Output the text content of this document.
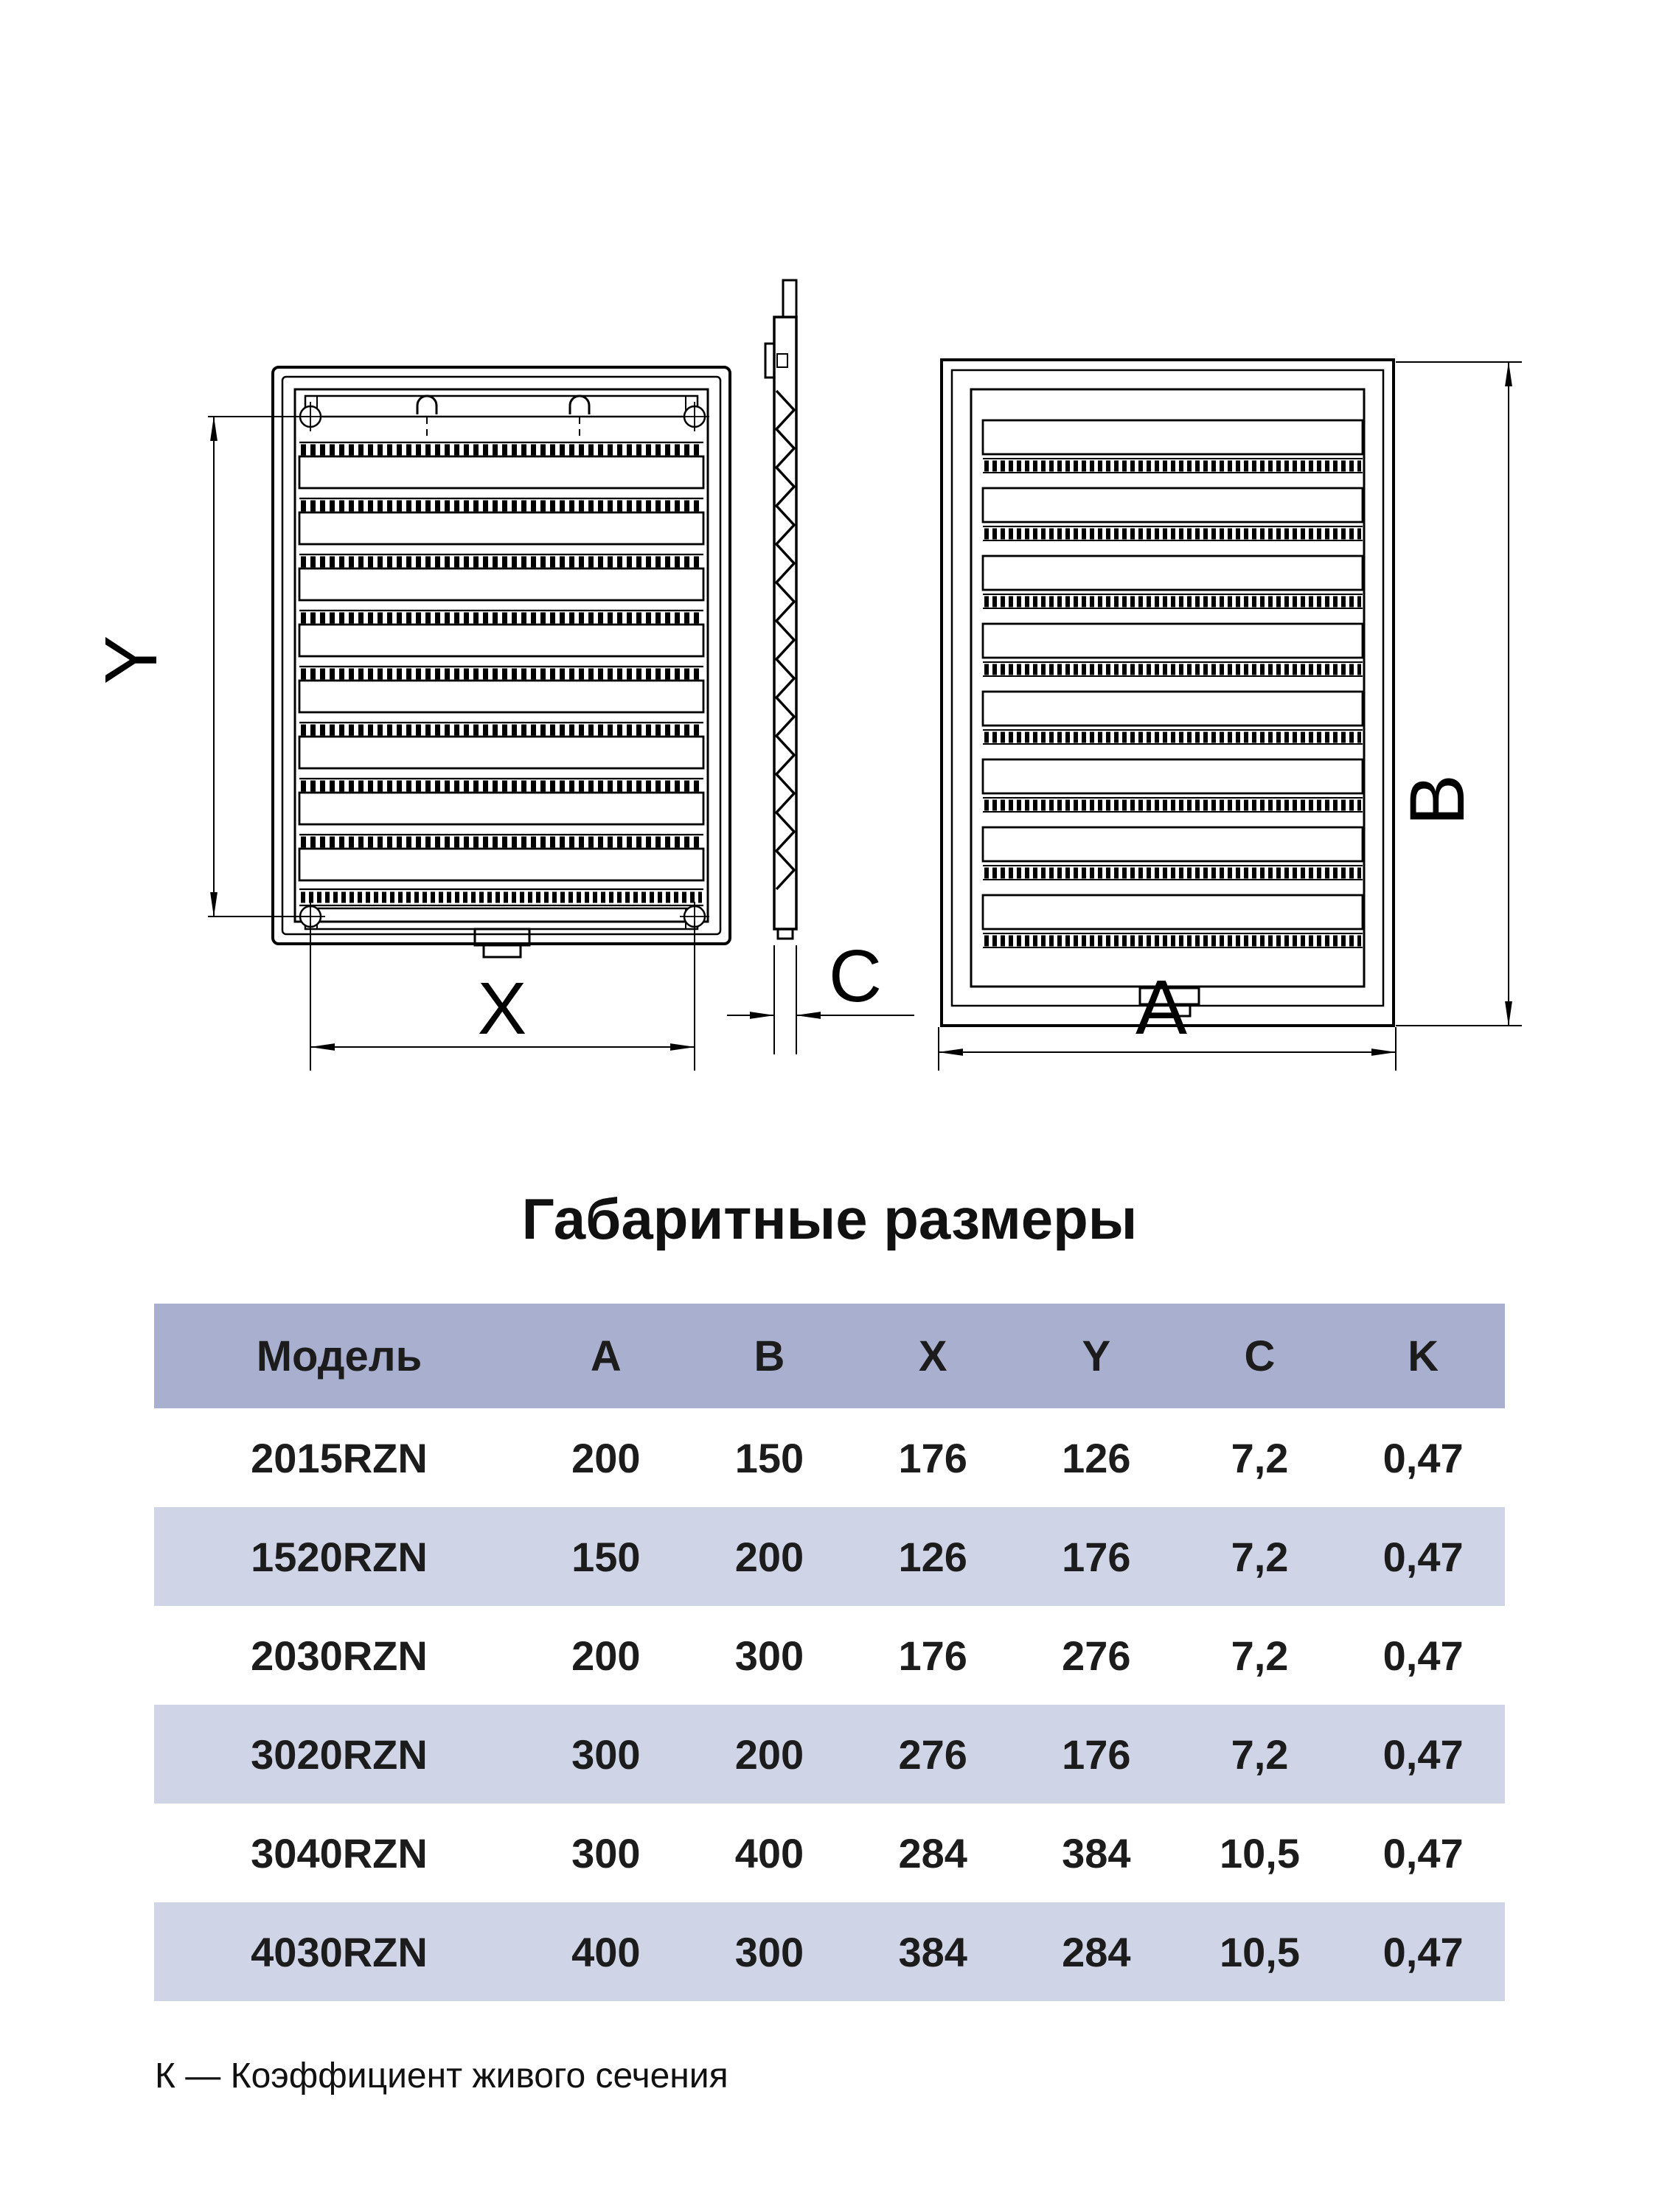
Y
X	C	A
B
Габаритные размеры
Модель	A	B	X	Y	C	K
2015RZN	200	150	176	126	7,2	0,47
1520RZN	150	200	126	176	7,2	0,47
2030RZN	200	300	176	276	7,2	0,47
3020RZN	300	200	276	176	7,2	0,47
3040RZN	300	400	284	384	10,5	0,47
4030RZN	400	300	384	284	10,5	0,47
К — Коэффициент живого сечения
